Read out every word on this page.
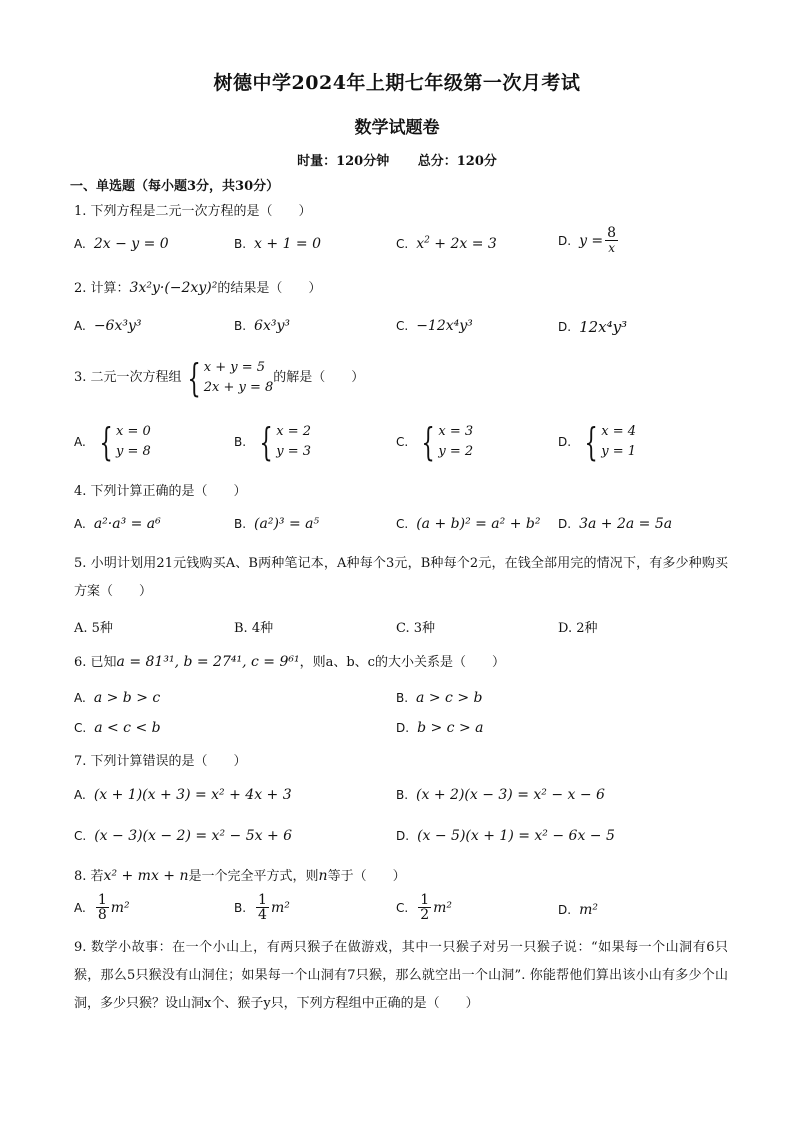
树德中学2024年上期七年级第一次月考试
数学试题卷
时量：120分钟 总分：120分
一、单选题（每小题3分，共30分）
1. 下列方程是二元一次方程的是（　　）
A. 2x − y = 0	B. x + 1 = 0	C. $x^2 + 2x = 3$	D. $y = \frac{8}{x}$
2. 计算：3x²y·(−2xy)²的结果是（　　）
A. −6x³y³	B. 6x³y³	C. −12x⁴y³	D. 12x⁴y³
3. 二元一次方程组 { x + y = 5
2x + y = 8
的解是（　　）
A. { x = 0
y = 8
B. { x = 2
y = 3
C. { x = 3
y = 2
D. { x = 4
y = 1
4. 下列计算正确的是（　　）
A. a²·a³ = a⁶	B. (a²)³ = a⁵	C. (a + b)² = a² + b² D. 3a + 2a = 5a
5. 小明计划用21元钱购买A、B两种笔记本，A种每个3元，B种每个2元，在钱全部用完的情况下，有多少种购买方案（　　）
A. 5种	B. 4种	C. 3种	D. 2种
6. 已知a = 81³¹, b = 27⁴¹, c = 9⁶¹，则a、b、c的大小关系是（　　）
A. a > b > c	B. a > c > b
C. a < c < b	D. b > c > a
7. 下列计算错误的是（　　）
A. (x + 1)(x + 3) = x² + 4x + 3	B. (x + 2)(x − 3) = x² − x − 6
C. (x − 3)(x − 2) = x² − 5x + 6	D. (x − 5)(x + 1) = x² − 6x − 5
8. 若x² + mx + n是一个完全平方式，则n等于（　　）
A. $\frac{1}{8} m^2$	B. $\frac{1}{4} m^2$	C. $\frac{1}{2} m^2$	D. m²
9. 数学小故事：在一个小山上，有两只猴子在做游戏，其中一只猴子对另一只猴子说：“如果每一个山洞有6只猴，那么5只猴没有山洞住；如果每一个山洞有7只猴，那么就空出一个山洞”. 你能帮他们算出该小山有多少个山洞，多少只猴？设山洞x个、猴子y只，下列方程组中正确的是（　　）
